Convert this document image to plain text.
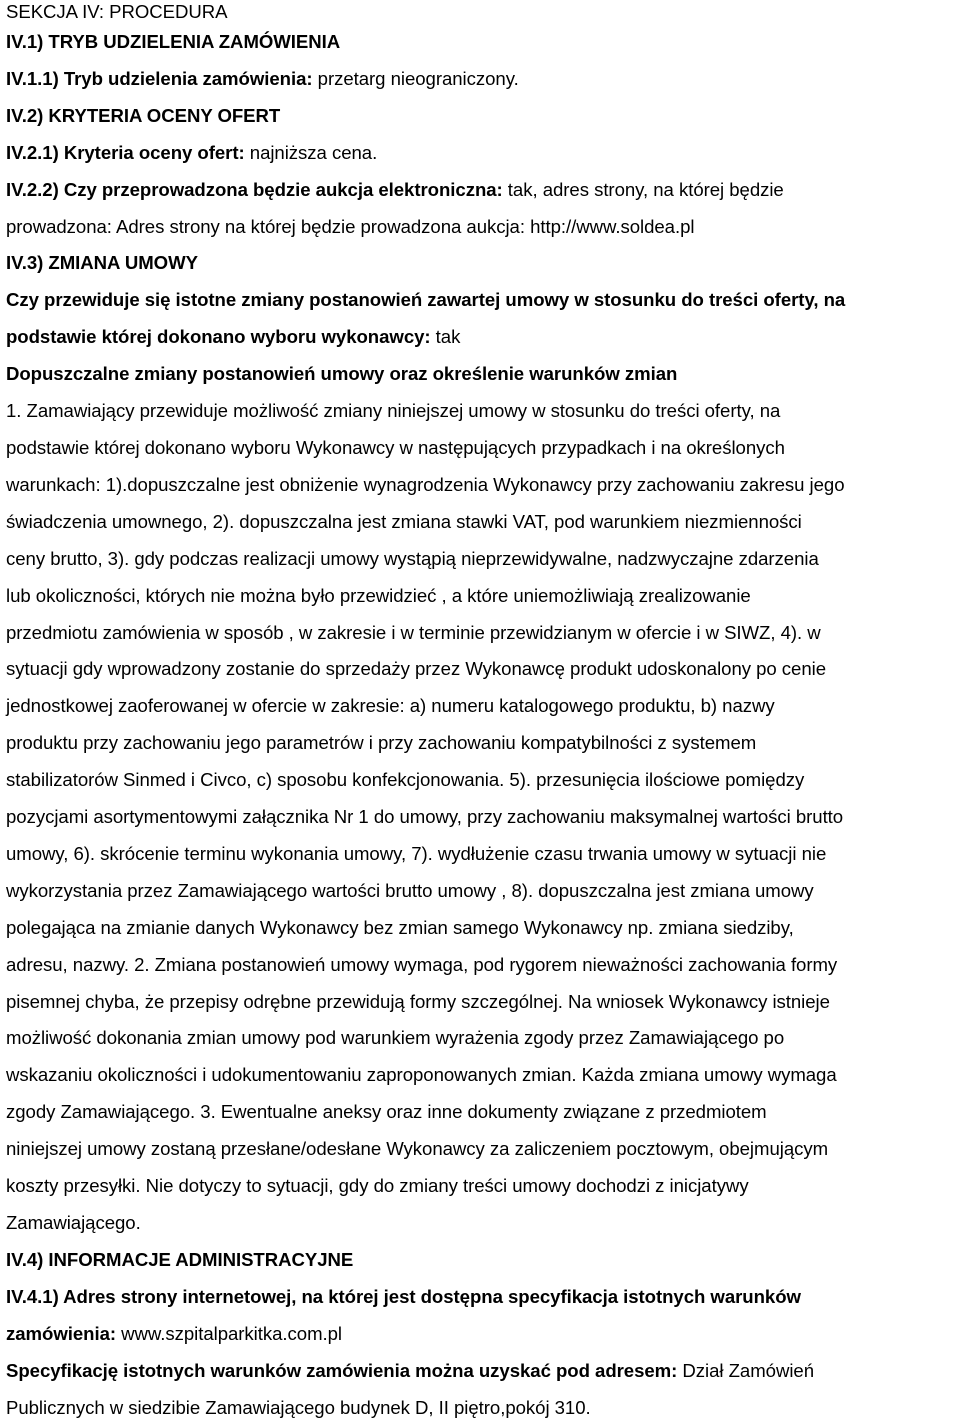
SEKCJA IV: PROCEDURA
IV.1) TRYB UDZIELENIA ZAMÓWIENIA
IV.1.1) Tryb udzielenia zamówienia: przetarg nieograniczony.
IV.2) KRYTERIA OCENY OFERT
IV.2.1) Kryteria oceny ofert: najniższa cena.
IV.2.2) Czy przeprowadzona będzie aukcja elektroniczna: tak, adres strony, na której będzie
prowadzona: Adres strony na której będzie prowadzona aukcja: http://www.soldea.pl
IV.3) ZMIANA UMOWY
Czy przewiduje się istotne zmiany postanowień zawartej umowy w stosunku do treści oferty, na
podstawie której dokonano wyboru wykonawcy: tak
Dopuszczalne zmiany postanowień umowy oraz określenie warunków zmian
1. Zamawiający przewiduje możliwość zmiany niniejszej umowy w stosunku do treści oferty, na
podstawie której dokonano wyboru Wykonawcy w następujących przypadkach i na określonych
warunkach: 1).dopuszczalne jest obniżenie wynagrodzenia Wykonawcy przy zachowaniu zakresu jego
świadczenia umownego, 2). dopuszczalna jest zmiana stawki VAT, pod warunkiem niezmienności
ceny brutto, 3). gdy podczas realizacji umowy wystąpią nieprzewidywalne, nadzwyczajne zdarzenia
lub okoliczności, których nie można było przewidzieć , a które uniemożliwiają zrealizowanie
przedmiotu zamówienia w sposób , w zakresie i w terminie przewidzianym w ofercie i w SIWZ, 4). w
sytuacji gdy wprowadzony zostanie do sprzedaży przez Wykonawcę produkt udoskonalony po cenie
jednostkowej zaoferowanej w ofercie w zakresie: a) numeru katalogowego produktu, b) nazwy
produktu przy zachowaniu jego parametrów i przy zachowaniu kompatybilności z systemem
stabilizatorów Sinmed i Civco, c) sposobu konfekcjonowania. 5). przesunięcia ilościowe pomiędzy
pozycjami asortymentowymi załącznika Nr 1 do umowy, przy zachowaniu maksymalnej wartości brutto
umowy, 6). skrócenie terminu wykonania umowy, 7). wydłużenie czasu trwania umowy w sytuacji nie
wykorzystania przez Zamawiającego wartości brutto umowy , 8). dopuszczalna jest zmiana umowy
polegająca na zmianie danych Wykonawcy bez zmian samego Wykonawcy np. zmiana siedziby,
adresu, nazwy. 2. Zmiana postanowień umowy wymaga, pod rygorem nieważności zachowania formy
pisemnej chyba, że przepisy odrębne przewidują formy szczególnej. Na wniosek Wykonawcy istnieje
możliwość dokonania zmian umowy pod warunkiem wyrażenia zgody przez Zamawiającego po
wskazaniu okoliczności i udokumentowaniu zaproponowanych zmian. Każda zmiana umowy wymaga
zgody Zamawiającego. 3. Ewentualne aneksy oraz inne dokumenty związane z przedmiotem
niniejszej umowy zostaną przesłane/odesłane Wykonawcy za zaliczeniem pocztowym, obejmującym
koszty przesyłki. Nie dotyczy to sytuacji, gdy do zmiany treści umowy dochodzi z inicjatywy
Zamawiającego.
IV.4) INFORMACJE ADMINISTRACYJNE
IV.4.1) Adres strony internetowej, na której jest dostępna specyfikacja istotnych warunków
zamówienia: www.szpitalparkitka.com.pl
Specyfikację istotnych warunków zamówienia można uzyskać pod adresem: Dział Zamówień
Publicznych w siedzibie Zamawiającego budynek D, II piętro,pokój 310.
